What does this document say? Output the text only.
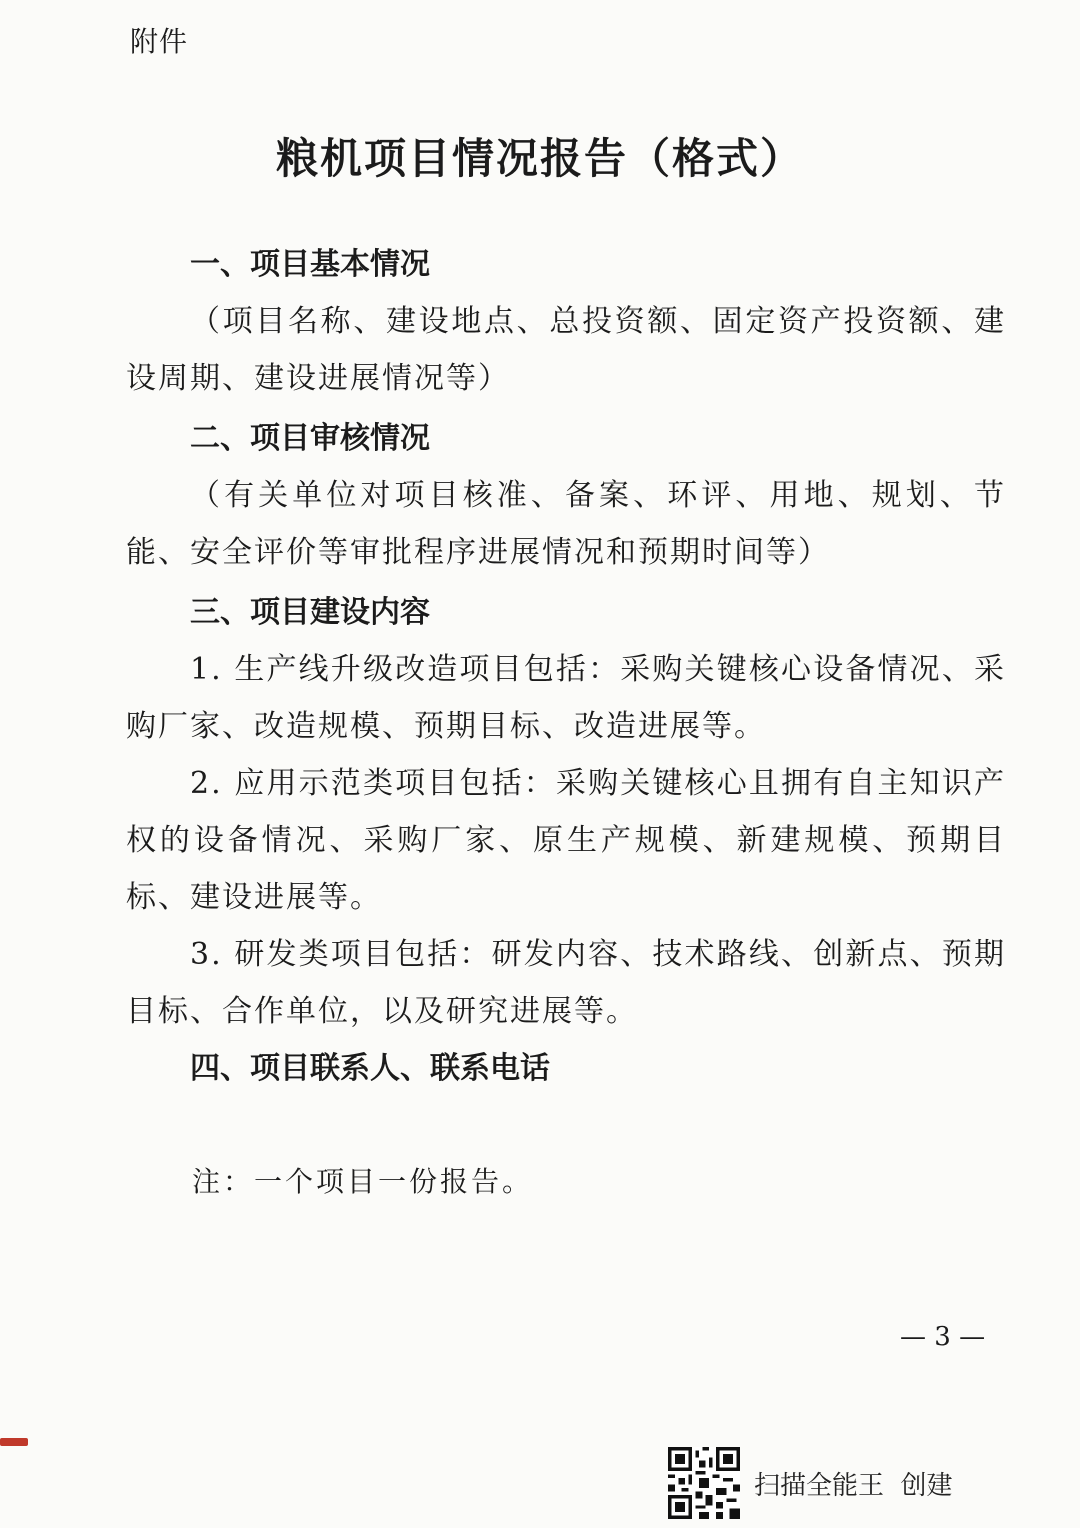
附件
粮机项目情况报告（格式）
一、项目基本情况
（项目名称、建设地点、总投资额、固定资产投资额、建设周期、建设进展情况等）
二、项目审核情况
（有关单位对项目核准、备案、环评、用地、规划、节能、安全评价等审批程序进展情况和预期时间等）
三、项目建设内容
1. 生产线升级改造项目包括：采购关键核心设备情况、采购厂家、改造规模、预期目标、改造进展等。
2. 应用示范类项目包括：采购关键核心且拥有自主知识产权的设备情况、采购厂家、原生产规模、新建规模、预期目标、建设进展等。
3. 研发类项目包括：研发内容、技术路线、创新点、预期目标、合作单位，以及研究进展等。
四、项目联系人、联系电话
注：一个项目一份报告。
— 3 —
扫描全能王  创建
